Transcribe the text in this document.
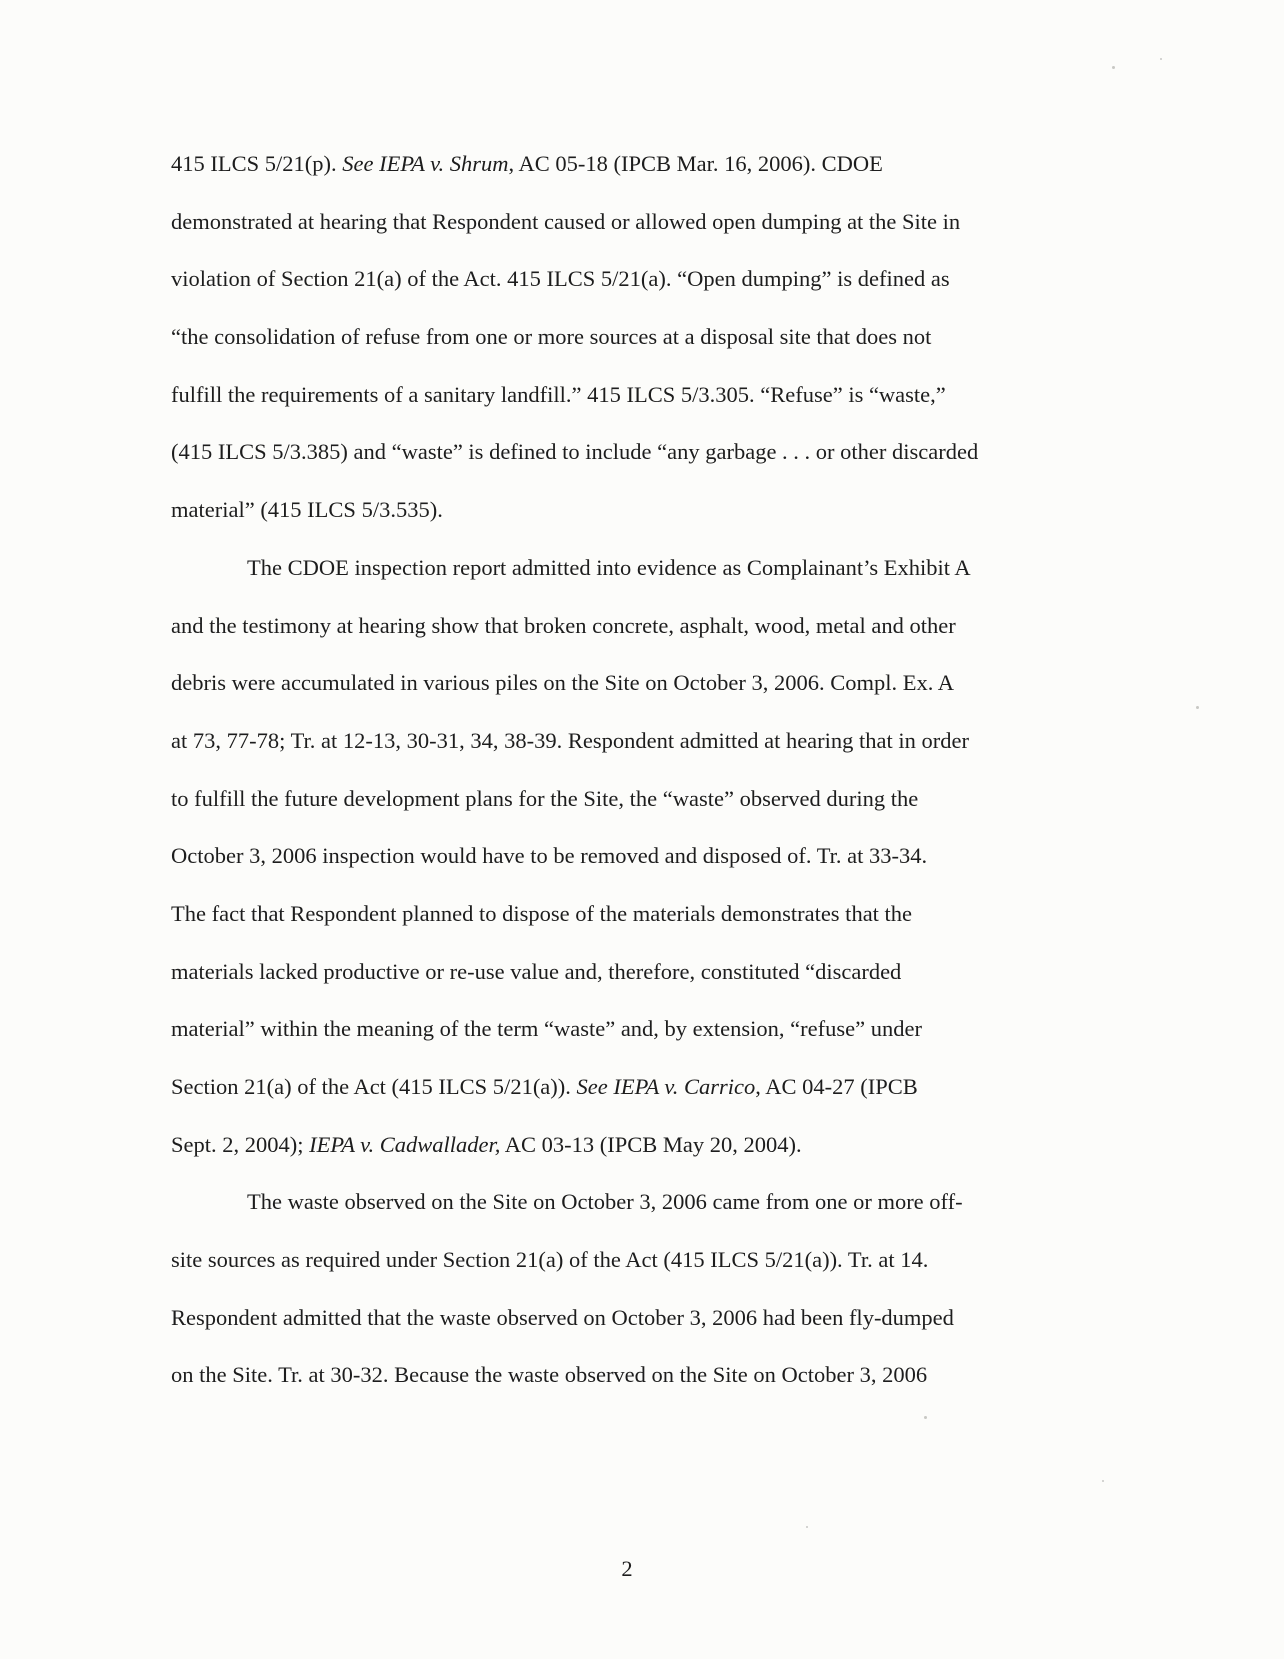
415 ILCS 5/21(p). See IEPA v. Shrum, AC 05-18 (IPCB Mar. 16, 2006). CDOE
demonstrated at hearing that Respondent caused or allowed open dumping at the Site in
violation of Section 21(a) of the Act. 415 ILCS 5/21(a). “Open dumping” is defined as
“the consolidation of refuse from one or more sources at a disposal site that does not
fulfill the requirements of a sanitary landfill.” 415 ILCS 5/3.305. “Refuse” is “waste,”
(415 ILCS 5/3.385) and “waste” is defined to include “any garbage . . . or other discarded
material” (415 ILCS 5/3.535).
The CDOE inspection report admitted into evidence as Complainant’s Exhibit A
and the testimony at hearing show that broken concrete, asphalt, wood, metal and other
debris were accumulated in various piles on the Site on October 3, 2006. Compl. Ex. A
at 73, 77-78; Tr. at 12-13, 30-31, 34, 38-39. Respondent admitted at hearing that in order
to fulfill the future development plans for the Site, the “waste” observed during the
October 3, 2006 inspection would have to be removed and disposed of. Tr. at 33-34.
The fact that Respondent planned to dispose of the materials demonstrates that the
materials lacked productive or re-use value and, therefore, constituted “discarded
material” within the meaning of the term “waste” and, by extension, “refuse” under
Section 21(a) of the Act (415 ILCS 5/21(a)). See IEPA v. Carrico, AC 04-27 (IPCB
Sept. 2, 2004); IEPA v. Cadwallader, AC 03-13 (IPCB May 20, 2004).
The waste observed on the Site on October 3, 2006 came from one or more off-
site sources as required under Section 21(a) of the Act (415 ILCS 5/21(a)). Tr. at 14.
Respondent admitted that the waste observed on October 3, 2006 had been fly-dumped
on the Site. Tr. at 30-32. Because the waste observed on the Site on October 3, 2006
2
